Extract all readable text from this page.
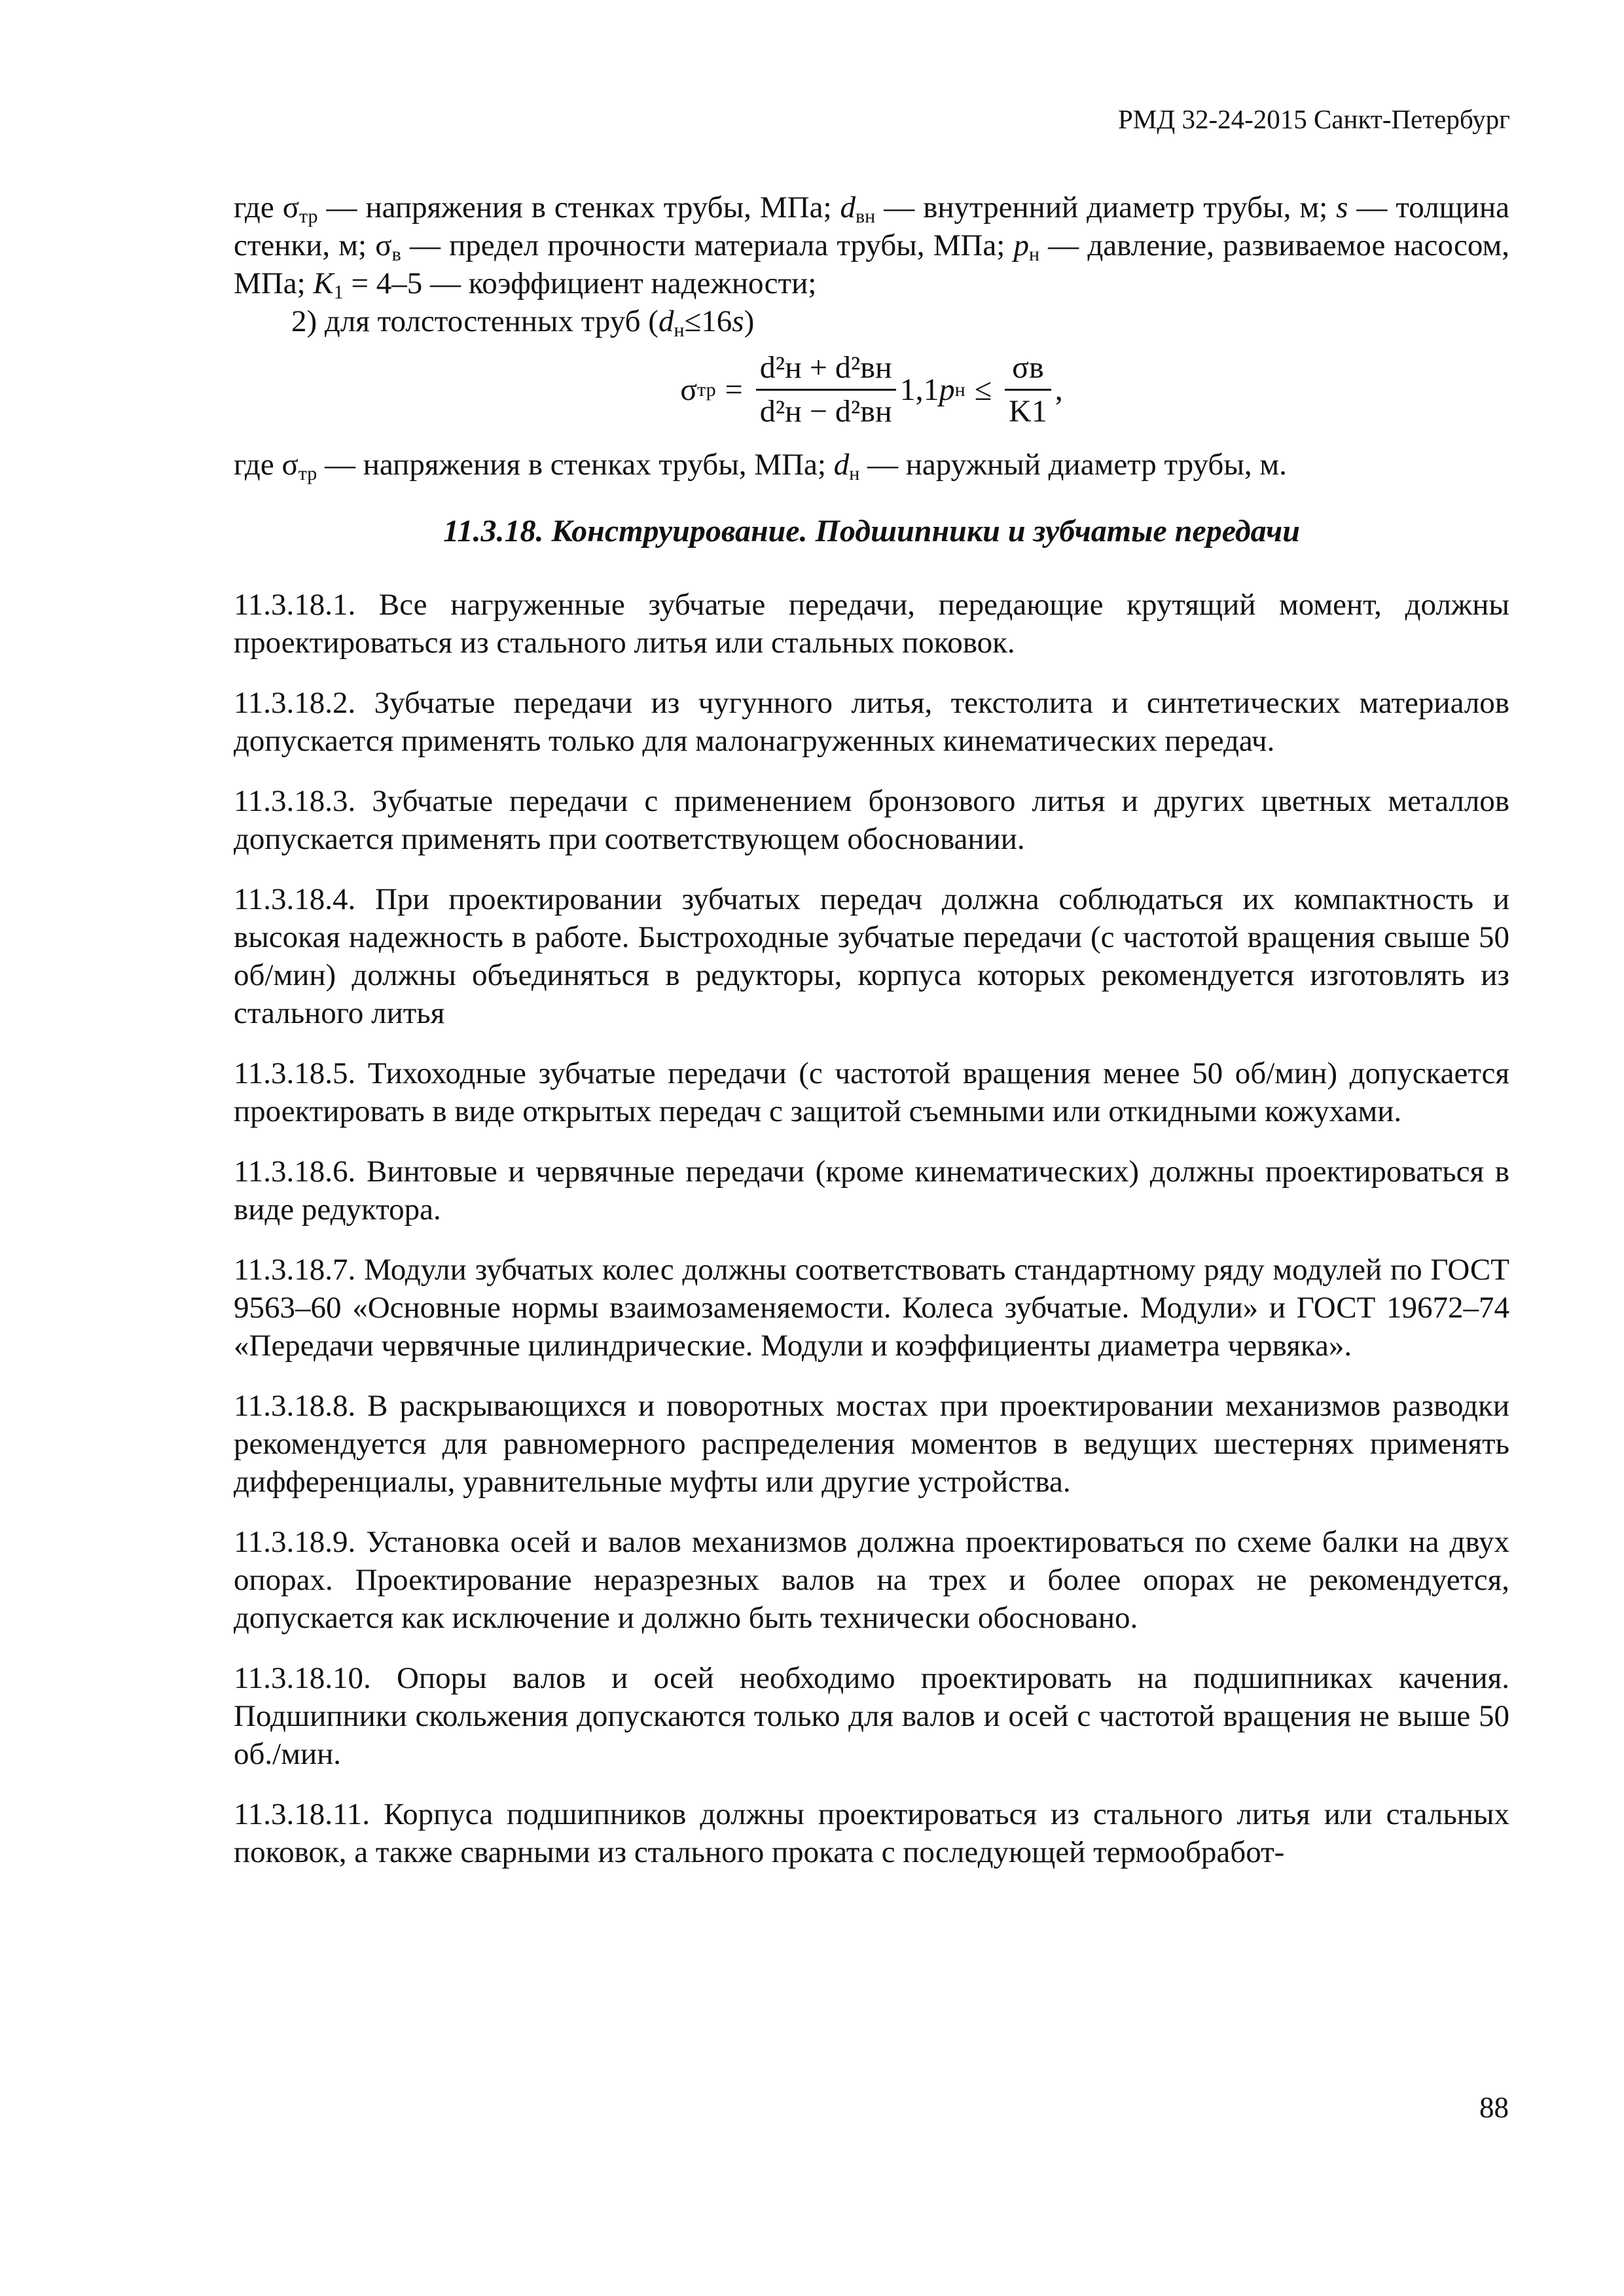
РМД 32-24-2015 Санкт-Петербург

где $\sigma_{тр}$ — напряжения в стенках трубы, МПа; $d_{вн}$ — внутренний диаметр трубы, м; s — толщина стенки, м; $\sigma_в$ — предел прочности материала трубы, МПа; $p_н$ — давление, развиваемое насосом, МПа; $K_1 = 4-5$ — коэффициент надежности;

2) для толстостенных труб $(d_н\le 16s)$

σ тр = $\frac{\text{d²н + d²вн}}{\text{d²н − d²вн}} 1,1$ p $н \le \frac{\sigma в}{K1}$ ,

где $\sigma_{тр}$ — напряжения в стенках трубы, МПа; $d_н$ — наружный диаметр трубы, м.

11.3.18. Конструирование. Подшипники и зубчатые передачи

11.3.18.1. Все нагруженные зубчатые передачи, передающие крутящий момент, должны проектироваться из стального литья или стальных поковок.

11.3.18.2. Зубчатые передачи из чугунного литья, текстолита и синтетических материалов допускается применять только для малонагруженных кинематических передач.

11.3.18.3. Зубчатые передачи с применением бронзового литья и других цветных металлов допускается применять при соответствующем обосновании.

11.3.18.4. При проектировании зубчатых передач должна соблюдаться их компактность и высокая надежность в работе. Быстроходные зубчатые передачи (с частотой вращения свыше 50 об/мин) должны объединяться в редукторы, корпуса которых рекомендуется изготовлять из стального литья

11.3.18.5. Тихоходные зубчатые передачи (с частотой вращения менее 50 об/мин) допускается проектировать в виде открытых передач с защитой съемными или откидными кожухами.

11.3.18.6. Винтовые и червячные передачи (кроме кинематических) должны проектироваться в виде редуктора.

11.3.18.7. Модули зубчатых колес должны соответствовать стандартному ряду модулей по ГОСТ 9563–60 «Основные нормы взаимозаменяемости. Колеса зубчатые. Модули» и ГОСТ 19672–74 «Передачи червячные цилиндрические. Модули и коэффициенты диаметра червяка».

11.3.18.8. В раскрывающихся и поворотных мостах при проектировании механизмов разводки рекомендуется для равномерного распределения моментов в ведущих шестернях применять дифференциалы, уравнительные муфты или другие устройства.

11.3.18.9. Установка осей и валов механизмов должна проектироваться по схеме балки на двух опорах. Проектирование неразрезных валов на трех и более опорах не рекомендуется, допускается как исключение и должно быть технически обосновано.

11.3.18.10. Опоры валов и осей необходимо проектировать на подшипниках качения. Подшипники скольжения допускаются только для валов и осей с частотой вращения не выше 50 об./мин.

11.3.18.11. Корпуса подшипников должны проектироваться из стального литья или стальных поковок, а также сварными из стального проката с последующей термообработ-

88
